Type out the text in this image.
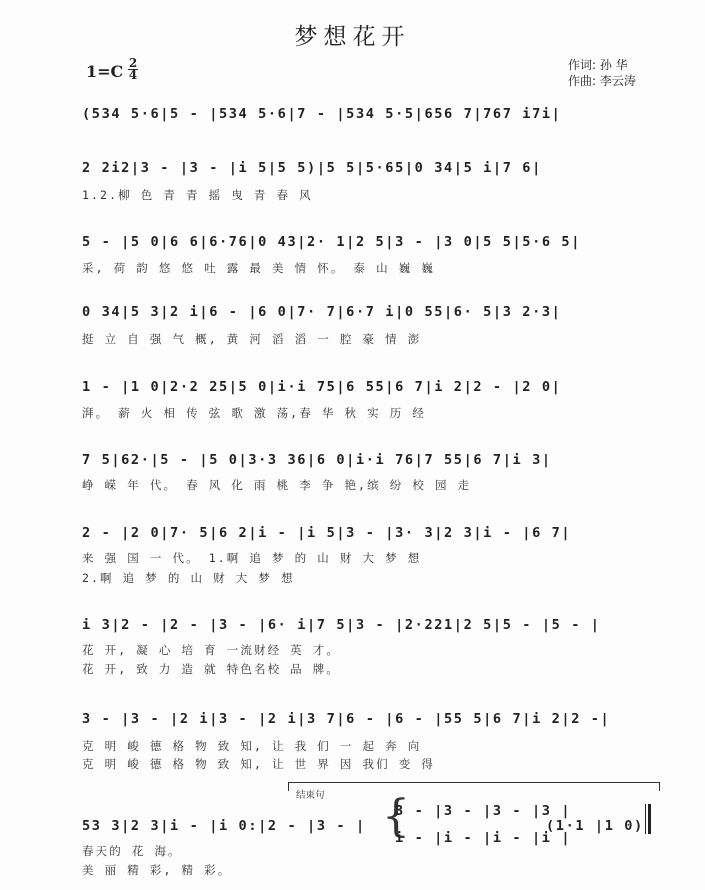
梦想花开
$1=C \frac{2}{4}$	作词: 孙 华
作曲: 李云涛
(534 5·6|5 - |534 5·6|7 - |534 5·5|656 7|767 i7i|
2 2i2|3 - |3 - |i 5|5 5)|5 5|5·65|0 34|5 i|7 6|
1.2.柳 色 青 青 摇 曳 青 春 风
5 - |5 0|6 6|6·76|0 43|2· 1|2 5|3 - |3 0|5 5|5·6 5|
采, 荷 韵 悠 悠 吐 露 最 美 情 怀。 泰 山 巍 巍
0 34|5 3|2 i|6 - |6 0|7· 7|6·7 i|0 55|6· 5|3 2·3|
挺 立 自 强 气 概, 黄 河 滔 滔 一 腔 豪 情 澎
1 - |1 0|2·2 25|5 0|i·i 75|6 55|6 7|i 2|2 - |2 0|
湃。 薪 火 相 传 弦 歌 激 荡,春 华 秋 实 历 经
7 5|62·|5 - |5 0|3·3 36|6 0|i·i 76|7 55|6 7|i 3|
峥 嵘 年 代。 春 风 化 雨 桃 李 争 艳,缤 纷 校 园 走
2 - |2 0|7· 5|6 2|i - |i 5|3 - |3· 3|2 3|i - |6 7|
来 强 国 一 代。 1.啊 追 梦 的 山 财 大 梦 想
2.啊 追 梦 的 山 财 大 梦 想
i 3|2 - |2 - |3 - |6· i|7 5|3 - |2·221|2 5|5 - |5 - |
花 开, 凝 心 培 育 一流财经 英 才。
花 开, 致 力 造 就 特色名校 品 牌。
3 - |3 - |2 i|3 - |2 i|3 7|6 - |6 - |55 5|6 7|i 2|2 -|
克 明 峻 德 格 物 致 知, 让 我 们 一 起 奔 向
克 明 峻 德 格 物 致 知, 让 世 界 因 我们 变 得
结束句
53 3|2 3|i - |i 0:|2 - |3 - | {
3 - |3 - |3 - |3 |
i - |i - |i - |i |
(1·1 |1 0)
春天的 花 海。
美 丽 精 彩, 精 彩。
